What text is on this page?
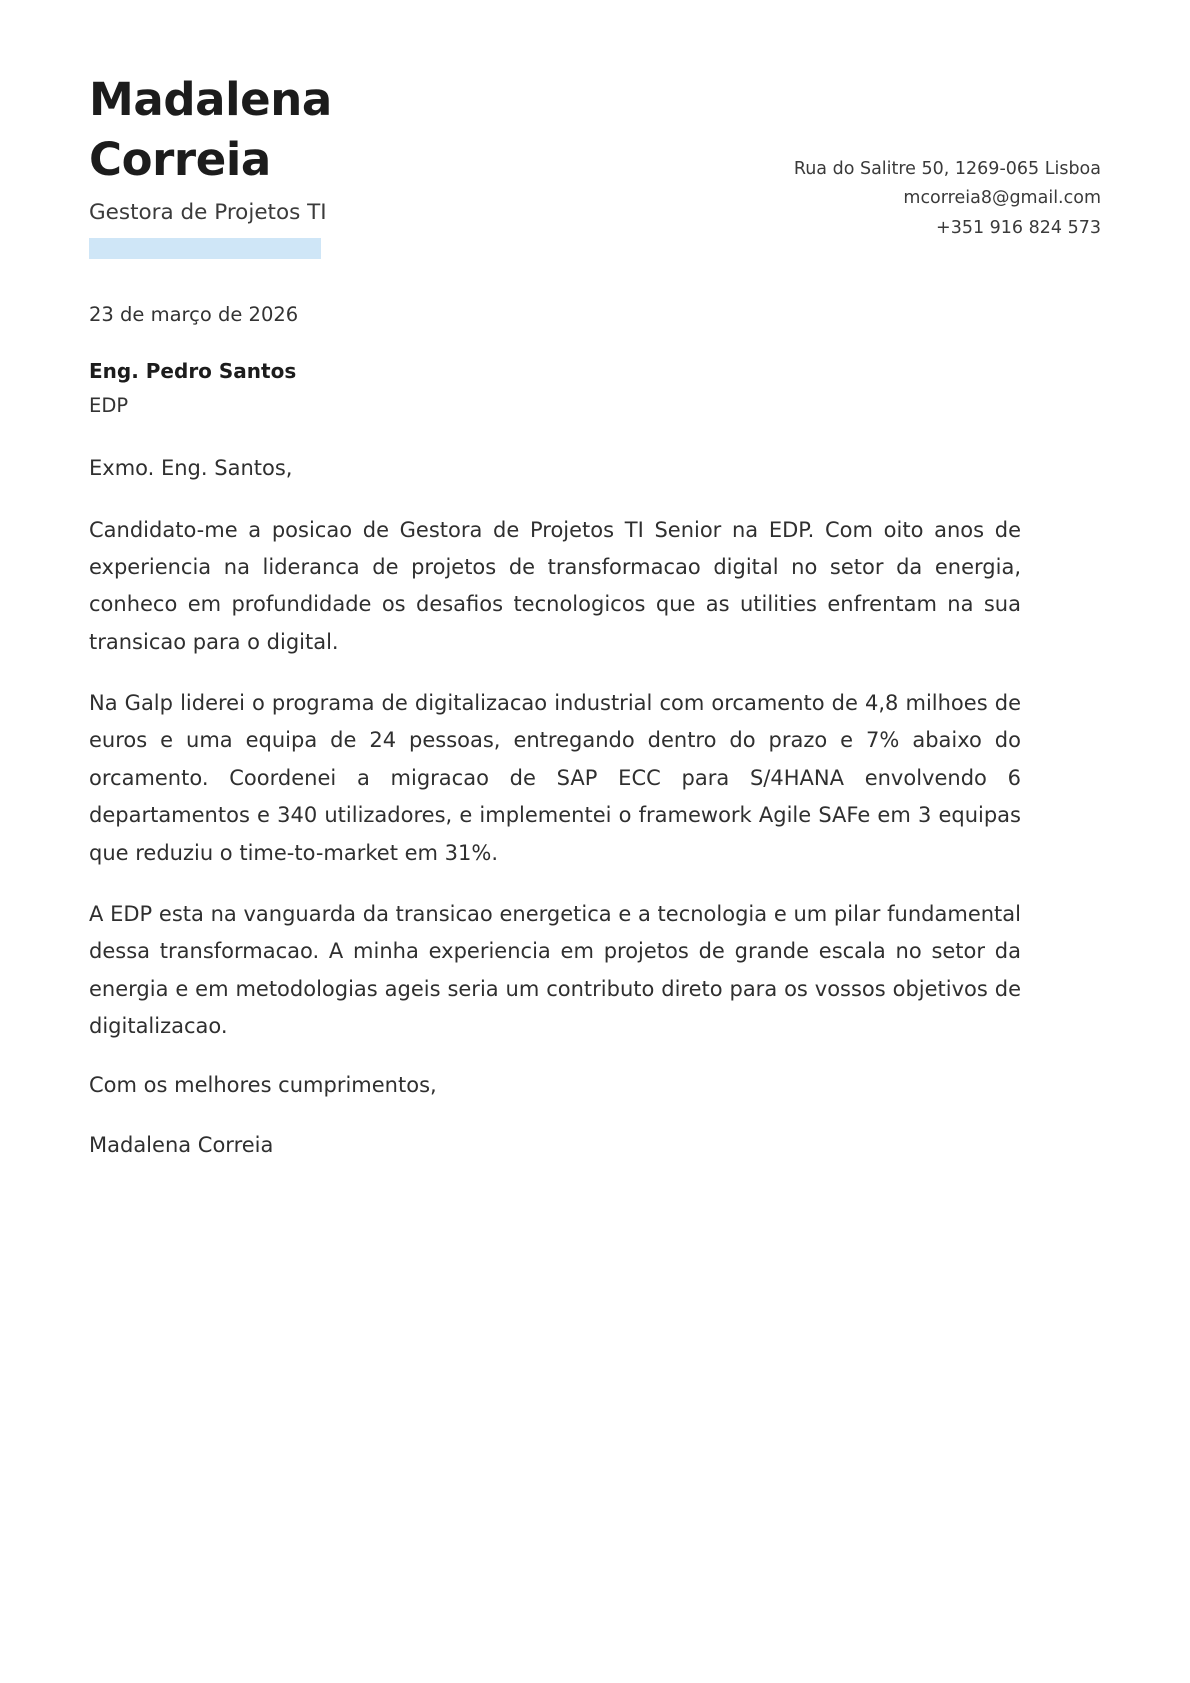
Madalena
Correia
Gestora de Projetos TI
Rua do Salitre 50, 1269-065 Lisboa
mcorreia8@gmail.com
+351 916 824 573
23 de março de 2026
Eng. Pedro Santos
EDP
Exmo. Eng. Santos,

Candidato-me a posicao de Gestora de Projetos TI Senior na EDP. Com oito anos de experiencia na lideranca de projetos de transformacao digital no setor da energia, conheco em profundidade os desafios tecnologicos que as utilities enfrentam na sua transicao para o digital.

Na Galp liderei o programa de digitalizacao industrial com orcamento de 4,8 milhoes de euros e uma equipa de 24 pessoas, entregando dentro do prazo e 7% abaixo do orcamento. Coordenei a migracao de SAP ECC para S/4HANA envolvendo 6 departamentos e 340 utilizadores, e implementei o framework Agile SAFe em 3 equipas que reduziu o time-to-market em 31%.

A EDP esta na vanguarda da transicao energetica e a tecnologia e um pilar fundamental dessa transformacao. A minha experiencia em projetos de grande escala no setor da energia e em metodologias ageis seria um contributo direto para os vossos objetivos de digitalizacao.

Com os melhores cumprimentos,

Madalena Correia
